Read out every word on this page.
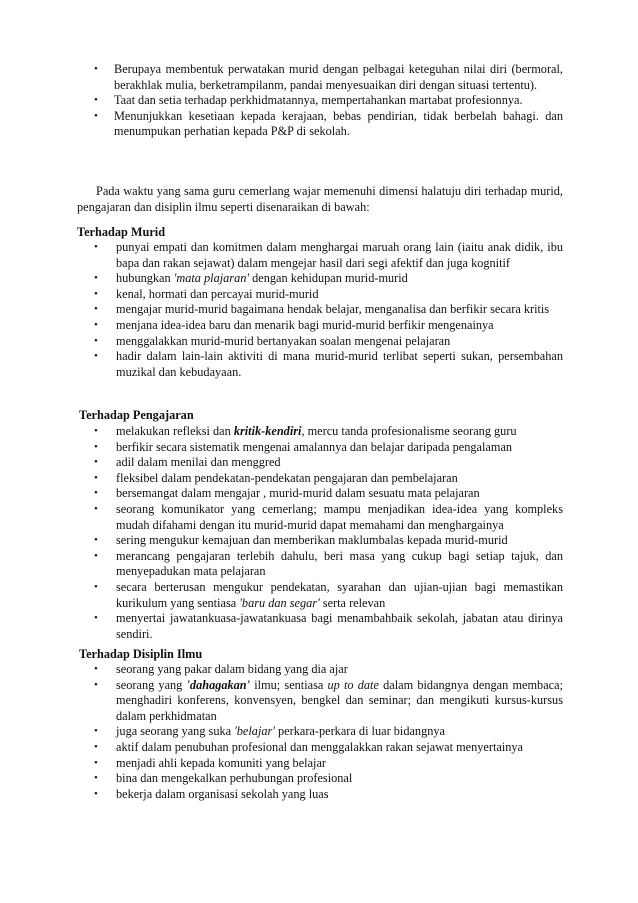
• Berupaya membentuk perwatakan murid dengan pelbagai keteguhan nilai diri (bermoral, berakhlak mulia, berketrampilanm, pandai menyesuaikan diri dengan situasi tertentu).
• Taat dan setia terhadap perkhidmatannya, mempertahankan martabat profesionnya.
• Menunjukkan kesetiaan kepada kerajaan, bebas pendirian, tidak berbelah bahagi. dan menumpukan perhatian kepada P&P di sekolah.
Pada waktu yang sama guru cemerlang wajar memenuhi dimensi halatuju diri terhadap murid, pengajaran dan disiplin ilmu seperti disenaraikan di bawah:
Terhadap Murid
• punyai empati dan komitmen dalam menghargai maruah orang lain (iaitu anak didik, ibu bapa dan rakan sejawat) dalam mengejar hasil dari segi afektif dan juga kognitif
• hubungkan 'mata plajaran' dengan kehidupan murid-murid
• kenal, hormati dan percayai murid-murid
• mengajar murid-murid bagaimana hendak belajar, menganalisa dan berfikir secara kritis
• menjana idea-idea baru dan menarik bagi murid-murid berfikir mengenainya
• menggalakkan murid-murid bertanyakan soalan mengenai pelajaran
• hadir dalam lain-lain aktiviti di mana murid-murid terlibat seperti sukan, persembahan muzikal dan kebudayaan.
Terhadap Pengajaran
• melakukan refleksi dan kritik-kendiri, mercu tanda profesionalisme seorang guru
• berfikir secara sistematik mengenai amalannya dan belajar daripada pengalaman
• adil dalam menilai dan menggred
• fleksibel dalam pendekatan-pendekatan pengajaran dan pembelajaran
• bersemangat dalam mengajar , murid-murid dalam sesuatu mata pelajaran
• seorang komunikator yang cemerlang; mampu menjadikan idea-idea yang kompleks mudah difahami dengan itu murid-murid dapat memahami dan menghargainya
• sering mengukur kemajuan dan memberikan maklumbalas kepada murid-murid
• merancang pengajaran terlebih dahulu, beri masa yang cukup bagi setiap tajuk, dan menyepadukan mata pelajaran
• secara berterusan mengukur pendekatan, syarahan dan ujian-ujian bagi memastikan kurikulum yang sentiasa 'baru dan segar' serta relevan
• menyertai jawatankuasa-jawatankuasa bagi menambahbaik sekolah, jabatan atau dirinya sendiri.
Terhadap Disiplin Ilmu
• seorang yang pakar dalam bidang yang dia ajar
• seorang yang 'dahagakan' ilmu; sentiasa up to date dalam bidangnya dengan membaca; menghadiri konferens, konvensyen, bengkel dan seminar; dan mengikuti kursus-kursus dalam perkhidmatan
• juga seorang yang suka 'belajar' perkara-perkara di luar bidangnya
• aktif dalam penubuhan profesional dan menggalakkan rakan sejawat menyertainya
• menjadi ahli kepada komuniti yang belajar
• bina dan mengekalkan perhubungan profesional
• bekerja dalam organisasi sekolah yang luas
